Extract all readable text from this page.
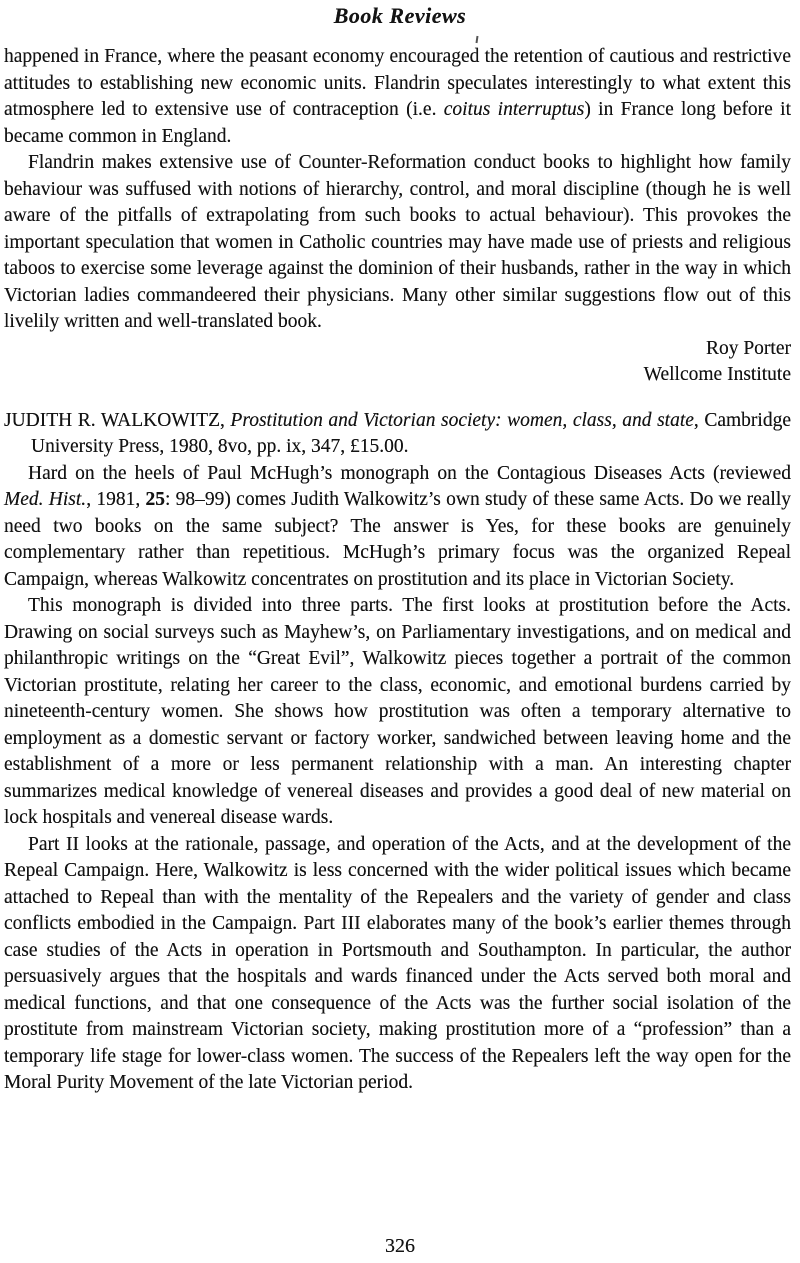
Book Reviews

happened in France, where the peasant economy encouraged the retention of cautious and restrictive attitudes to establishing new economic units. Flandrin speculates interestingly to what extent this atmosphere led to extensive use of contraception (i.e. coitus interruptus) in France long before it became common in England.

Flandrin makes extensive use of Counter-Reformation conduct books to highlight how family behaviour was suffused with notions of hierarchy, control, and moral discipline (though he is well aware of the pitfalls of extrapolating from such books to actual behaviour). This provokes the important speculation that women in Catholic countries may have made use of priests and religious taboos to exercise some leverage against the dominion of their husbands, rather in the way in which Victorian ladies commandeered their physicians. Many other similar suggestions flow out of this livelily written and well-translated book.

Roy Porter
Wellcome Institute

JUDITH R. WALKOWITZ, Prostitution and Victorian society: women, class, and state, Cambridge University Press, 1980, 8vo, pp. ix, 347, £15.00.

Hard on the heels of Paul McHugh’s monograph on the Contagious Diseases Acts (reviewed Med. Hist., 1981, 25: 98–99) comes Judith Walkowitz’s own study of these same Acts. Do we really need two books on the same subject? The answer is Yes, for these books are genuinely complementary rather than repetitious. McHugh’s primary focus was the organized Repeal Campaign, whereas Walkowitz concentrates on prostitution and its place in Victorian Society.

This monograph is divided into three parts. The first looks at prostitution before the Acts. Drawing on social surveys such as Mayhew’s, on Parliamentary investigations, and on medical and philanthropic writings on the “Great Evil”, Walkowitz pieces together a portrait of the common Victorian prostitute, relating her career to the class, economic, and emotional burdens carried by nineteenth-century women. She shows how prostitution was often a temporary alternative to employment as a domestic servant or factory worker, sandwiched between leaving home and the establishment of a more or less permanent relationship with a man. An interesting chapter summarizes medical knowledge of venereal diseases and provides a good deal of new material on lock hospitals and venereal disease wards.

Part II looks at the rationale, passage, and operation of the Acts, and at the development of the Repeal Campaign. Here, Walkowitz is less concerned with the wider political issues which became attached to Repeal than with the mentality of the Repealers and the variety of gender and class conflicts embodied in the Campaign. Part III elaborates many of the book’s earlier themes through case studies of the Acts in operation in Portsmouth and Southampton. In particular, the author persuasively argues that the hospitals and wards financed under the Acts served both moral and medical functions, and that one consequence of the Acts was the further social isolation of the prostitute from mainstream Victorian society, making prostitution more of a “profession” than a temporary life stage for lower-class women. The success of the Repealers left the way open for the Moral Purity Movement of the late Victorian period.

326
